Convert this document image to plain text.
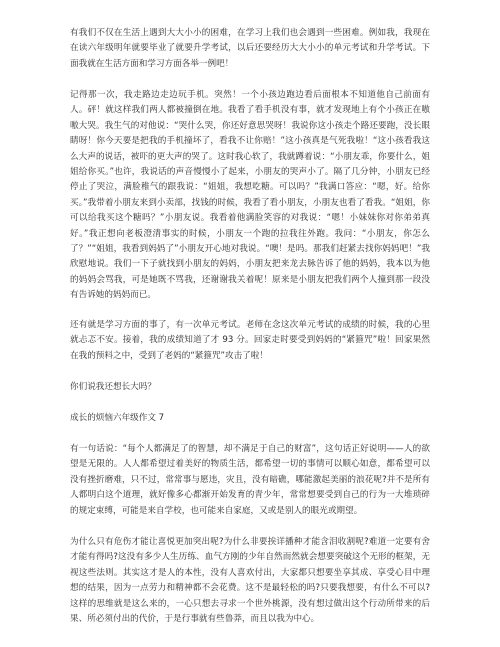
有我们不仅在生活上遇到大大小小的困难，在学习上我们也会遇到一些困难。例如我，我现在在读六年级明年就要毕业了就要升学考试，以后还要经历大大小小的单元考试和升学考试。下面我就在生活方面和学习方面各举一例吧！

记得那一次，我走路边走边玩手机。突然！一个小孩边跑边看后面根本不知道他自己前面有人。砰！就这样我们两人都被撞倒在地。我看了看手机没有事，就才发现地上有个小孩正在嗷嗷大哭。我生气的对他说：“哭什么哭，你还好意思哭呀！我说你这小孩走个路还要跑，没长眼睛呀！你今天要是把我的手机撞坏了，看我不让你赔！”这小孩真是气死我啦！“这小孩看我这么大声的说话，被吓的更大声的哭了。这时我心软了，我就蹲着说：“小朋友乖，你要什么，姐姐给你买。”也许，我说话的声音慢慢小了起来，小朋友的哭声小了。隔了几分钟，小朋友已经停止了哭泣，满脸稚气的跟我说：“姐姐，我想吃糖。可以吗？”我满口答应：“嗯，好。给你买。”我带着小朋友来到小卖部，找钱的时候，我看了看小朋友，小朋友也看了看我。“姐姐，你可以给我买这个糖吗？”小朋友说。我看着他满脸笑容的对我说：“嗯！小妹妹你对你弟弟真好。”我正想向老板澄清事实的时候，小朋友一个跑的拉我往外跑。我问：“小朋友，你怎么了？”“姐姐，我看到妈妈了”小朋友开心地对我说。“噢！是吗。那我们赶紧去找你妈妈吧！”我欣慰地说。我们一下子就找到小朋友的妈妈，小朋友把来龙去脉告诉了他的妈妈，我本以为他的妈妈会骂我，可是她既不骂我，还谢谢我关着呢！原来是小朋友把我们两个人撞到那一段没有告诉她的妈妈而已。

还有就是学习方面的事了，有一次单元考试。老师在念这次单元考试的成绩的时候，我的心里就忐忑不安。接着，我的成绩知道了才 93 分。回家走时要受到妈妈的“紧箍咒”啦！回家果然在我的预料之中，受到了老妈的“紧箍咒”攻击了啦！

你们说我还想长大吗？

成长的烦恼六年级作文 7

有一句话说：“每个人都满足了的智慧，却不满足于自己的财富”，这句话正好说明——人的欲望是无限的。人人都希望过着美好的物质生活，都希望一切的事情可以顺心如意，都希望可以没有挫折磨难，只不过，常常事与愿违，灾且，没有暗礁，哪能激起美丽的浪花呢?并不是所有人都明白这个道理，就好像多心都渐开始发育的青少年，常常想要受到自己的行为一大堆琐碎的规定束缚，可能是来自学校，也可能来自家庭，又或是别人的眼光或期望。

为什么只有危伤才能让喜悦更加突出呢?为什么非要挨详播种才能含泪收割呢?难道一定要有舍才能有得吗?这没有多少人生历练、血气方刚的少年自然而然就会想要突破这个无形的框架，无视这些法则。其实这才是人的本性，没有人喜欢付出，大家都只想要坐享其成、享受心目中理想的结果，因为一点劳力和精神都不会花费。这不是最轻松的吗?只要我想要，有什么不可以?这样的思维就是这么来的，一心只想去寻求一个世外桃源，没有想过做出这个行动所带来的后果、所必须付出的代价，于是行事就有些鲁莽，而且以我为中心。
